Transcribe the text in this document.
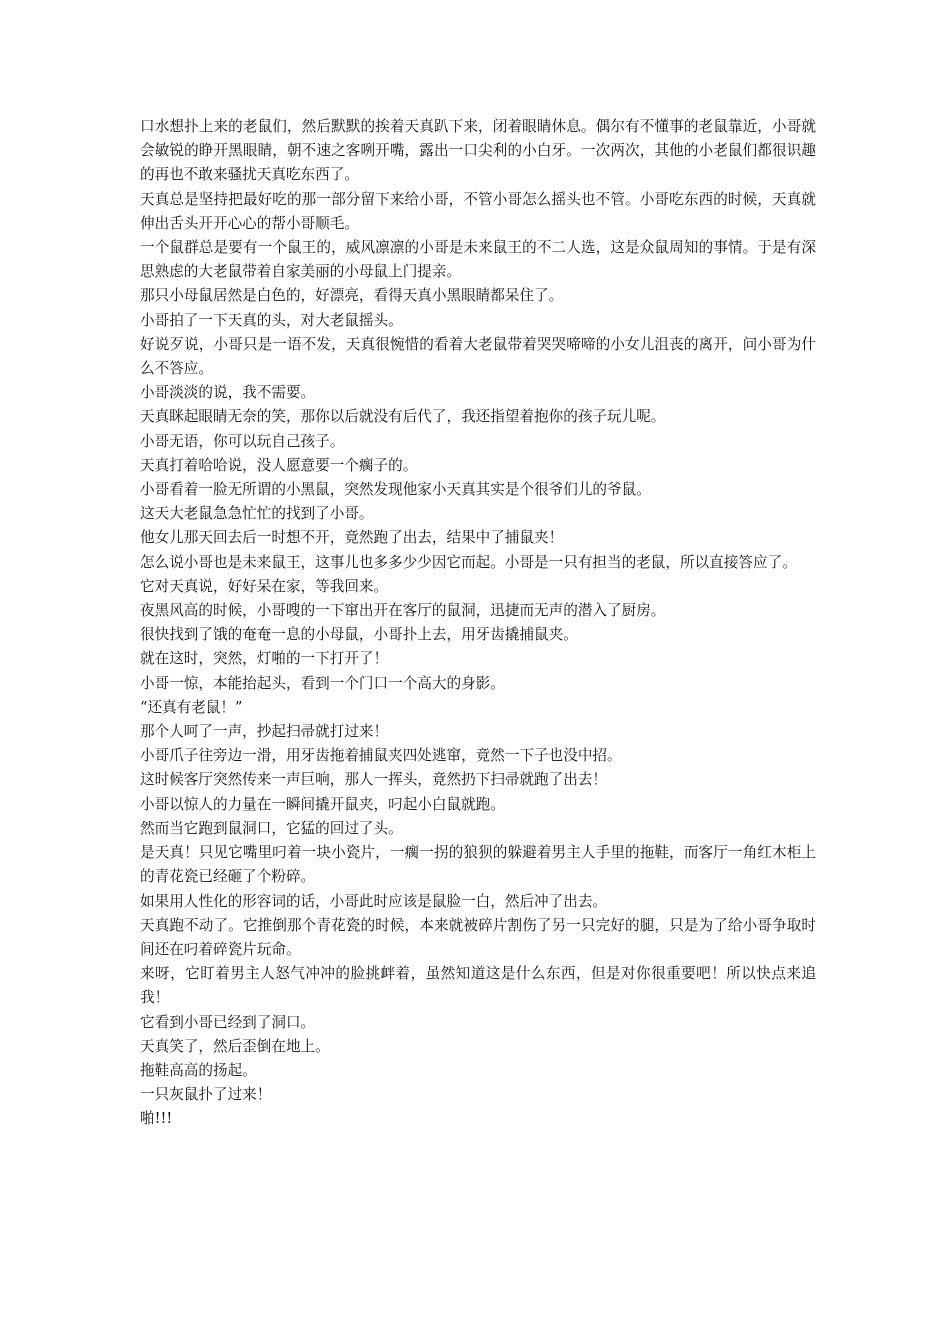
口水想扑上来的老鼠们，然后默默的挨着天真趴下来，闭着眼睛休息。偶尔有不懂事的老鼠靠近，小哥就会敏锐的睁开黑眼睛，朝不速之客咧开嘴，露出一口尖利的小白牙。一次两次，其他的小老鼠们都很识趣的再也不敢来骚扰天真吃东西了。

天真总是坚持把最好吃的那一部分留下来给小哥，不管小哥怎么摇头也不管。小哥吃东西的时候，天真就伸出舌头开开心心的帮小哥顺毛。

一个鼠群总是要有一个鼠王的，威风凛凛的小哥是未来鼠王的不二人选，这是众鼠周知的事情。于是有深思熟虑的大老鼠带着自家美丽的小母鼠上门提亲。

那只小母鼠居然是白色的，好漂亮，看得天真小黑眼睛都呆住了。

小哥拍了一下天真的头，对大老鼠摇头。

好说歹说，小哥只是一语不发，天真很惋惜的看着大老鼠带着哭哭啼啼的小女儿沮丧的离开，问小哥为什么不答应。

小哥淡淡的说，我不需要。

天真眯起眼睛无奈的笑，那你以后就没有后代了，我还指望着抱你的孩子玩儿呢。

小哥无语，你可以玩自己孩子。

天真打着哈哈说，没人愿意要一个瘸子的。

小哥看着一脸无所谓的小黑鼠，突然发现他家小天真其实是个很爷们儿的爷鼠。

这天大老鼠急急忙忙的找到了小哥。

他女儿那天回去后一时想不开，竟然跑了出去，结果中了捕鼠夹！

怎么说小哥也是未来鼠王，这事儿也多多少少因它而起。小哥是一只有担当的老鼠，所以直接答应了。

它对天真说，好好呆在家，等我回来。

夜黑风高的时候，小哥嗖的一下窜出开在客厅的鼠洞，迅捷而无声的潜入了厨房。

很快找到了饿的奄奄一息的小母鼠，小哥扑上去，用牙齿撬捕鼠夹。

就在这时，突然，灯啪的一下打开了！

小哥一惊，本能抬起头，看到一个门口一个高大的身影。

“还真有老鼠！”

那个人呵了一声，抄起扫帚就打过来！

小哥爪子往旁边一滑，用牙齿拖着捕鼠夹四处逃窜，竟然一下子也没中招。

这时候客厅突然传来一声巨响，那人一挥头，竟然扔下扫帚就跑了出去！

小哥以惊人的力量在一瞬间撬开鼠夹，叼起小白鼠就跑。

然而当它跑到鼠洞口，它猛的回过了头。

是天真！只见它嘴里叼着一块小瓷片，一瘸一拐的狼狈的躲避着男主人手里的拖鞋，而客厅一角红木柜上的青花瓷已经砸了个粉碎。

如果用人性化的形容词的话，小哥此时应该是鼠脸一白，然后冲了出去。

天真跑不动了。它推倒那个青花瓷的时候，本来就被碎片割伤了另一只完好的腿，只是为了给小哥争取时间还在叼着碎瓷片玩命。

来呀，它盯着男主人怒气冲冲的脸挑衅着，虽然知道这是什么东西，但是对你很重要吧！所以快点来追我！

它看到小哥已经到了洞口。

天真笑了，然后歪倒在地上。

拖鞋高高的扬起。

一只灰鼠扑了过来！

啪!!!
